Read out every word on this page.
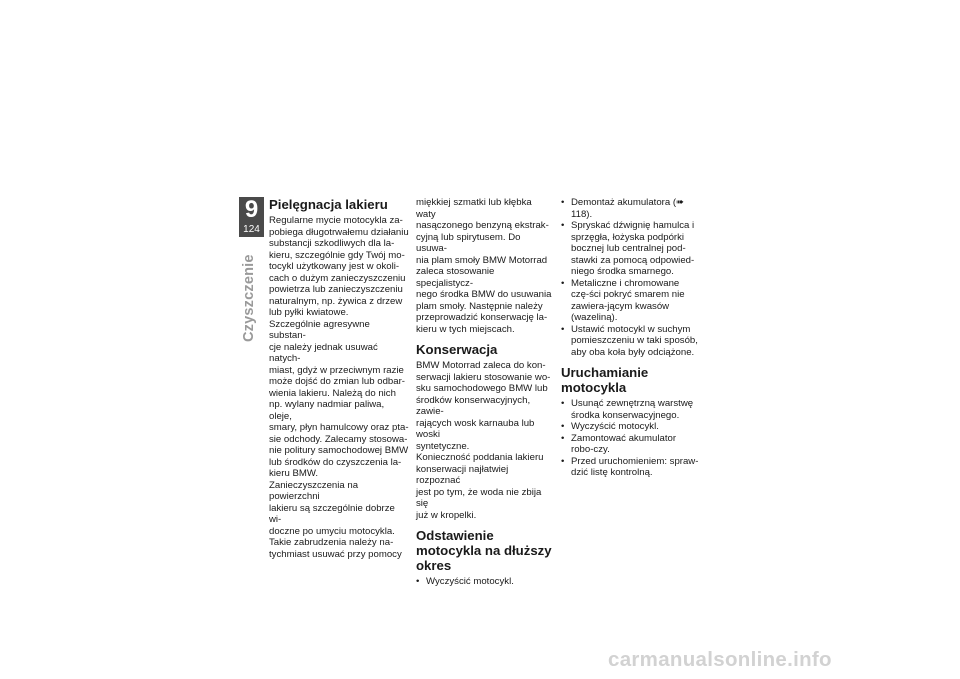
9
124
Czyszczenie
Pielęgnacja lakieru
Regularne mycie motocykla za-
pobiega długotrwałemu działaniu
substancji szkodliwych dla la-
kieru, szczególnie gdy Twój mo-
tocykl użytkowany jest w okoli-
cach o dużym zanieczyszczeniu
powietrza lub zanieczyszczeniu
naturalnym, np. żywica z drzew
lub pyłki kwiatowe.
Szczególnie agresywne substan-
cje należy jednak usuwać natych-
miast, gdyż w przeciwnym razie
może dojść do zmian lub odbar-
wienia lakieru. Należą do nich
np. wylany nadmiar paliwa, oleje,
smary, płyn hamulcowy oraz pta-
sie odchody. Zalecamy stosowa-
nie politury samochodowej BMW
lub środków do czyszczenia la-
kieru BMW.
Zanieczyszczenia na powierzchni
lakieru są szczególnie dobrze wi-
doczne po umyciu motocykla.
Takie zabrudzenia należy na-
tychmiast usuwać przy pomocy
miękkiej szmatki lub kłębka waty
nasączonego benzyną ekstrak-
cyjną lub spirytusem. Do usuwa-
nia plam smoły BMW Motorrad
zaleca stosowanie specjalistycz-
nego środka BMW do usuwania
plam smoły. Następnie należy
przeprowadzić konserwację la-
kieru w tych miejscach.
Konserwacja
BMW Motorrad zaleca do kon-
serwacji lakieru stosowanie wo-
sku samochodowego BMW lub
środków konserwacyjnych, zawie-
rających wosk karnauba lub woski
syntetyczne.
Konieczność poddania lakieru
konserwacji najłatwiej rozpoznać
jest po tym, że woda nie zbija się
już w kropelki.
Odstawienie motocykla na dłuższy okres
• Wyczyścić motocykl.
• Demontaż akumulatora (➠ 118).
• Spryskać dźwignię hamulca i sprzęgła, łożyska podpórki bocznej lub centralnej pod-stawki za pomocą odpowied-niego środka smarnego.
• Metaliczne i chromowane czę-ści pokryć smarem nie zawiera-jącym kwasów (wazeliną).
• Ustawić motocykl w suchym pomieszczeniu w taki sposób, aby oba koła były odciążone.
Uruchamianie motocykla
• Usunąć zewnętrzną warstwę środka konserwacyjnego.
• Wyczyścić motocykl.
• Zamontować akumulator robo-czy.
• Przed uruchomieniem: spraw-dzić listę kontrolną.
carmanualsonline.info
